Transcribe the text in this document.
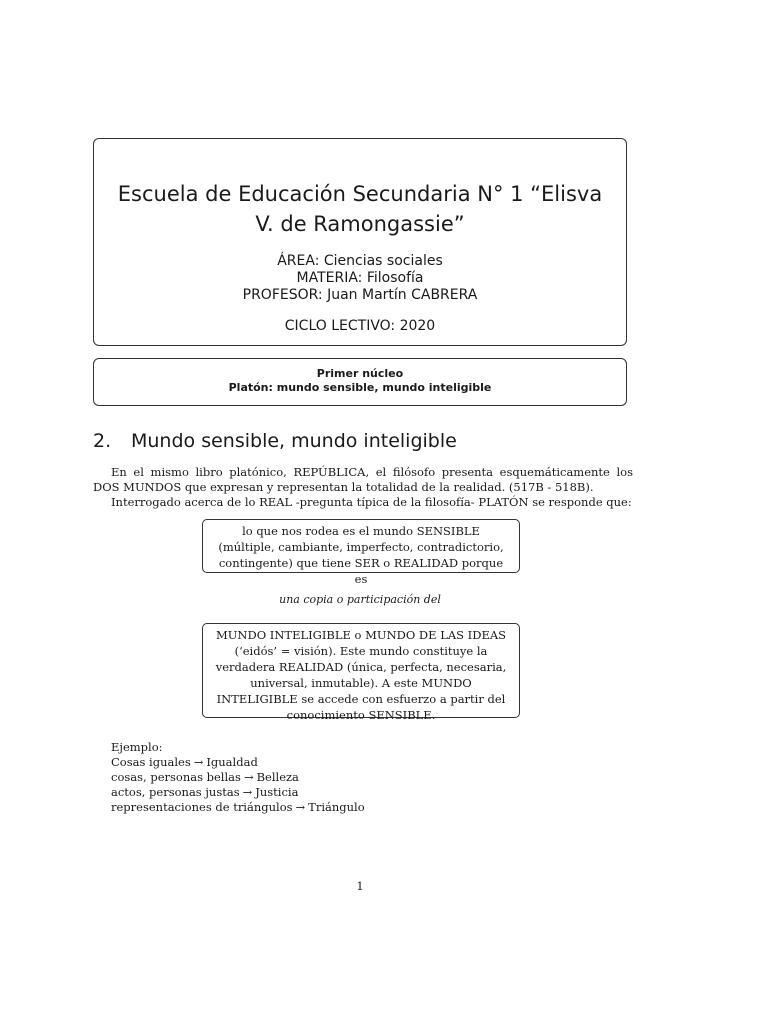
Escuela de Educación Secundaria N° 1 “Elisva V. de Ramongassie”
ÁREA: Ciencias sociales
MATERIA: Filosofía
PROFESOR: Juan Martín CABRERA
CICLO LECTIVO: 2020
Primer núcleo
Platón: mundo sensible, mundo inteligible
2. Mundo sensible, mundo inteligible

En el mismo libro platónico, REPÚBLICA, el filósofo presenta esquemáticamente los DOS MUNDOS que expresan y representan la totalidad de la realidad. (517B - 518B).

Interrogado acerca de lo REAL -pregunta típica de la filosofía- PLATÓN se responde que:

lo que nos rodea es el mundo SENSIBLE (múltiple, cambiante, imperfecto, contradictorio, contingente) que tiene SER o REALIDAD porque es
una copia o participación del
MUNDO INTELIGIBLE o MUNDO DE LAS IDEAS (‘eidós’ = visión). Este mundo constituye la verdadera REALIDAD (única, perfecta, necesaria, universal, inmutable). A este MUNDO INTELIGIBLE se accede con esfuerzo a partir del conocimiento SENSIBLE.
Ejemplo:
Cosas iguales → Igualdad
cosas, personas bellas → Belleza
actos, personas justas → Justicia
representaciones de triángulos → Triángulo
1
